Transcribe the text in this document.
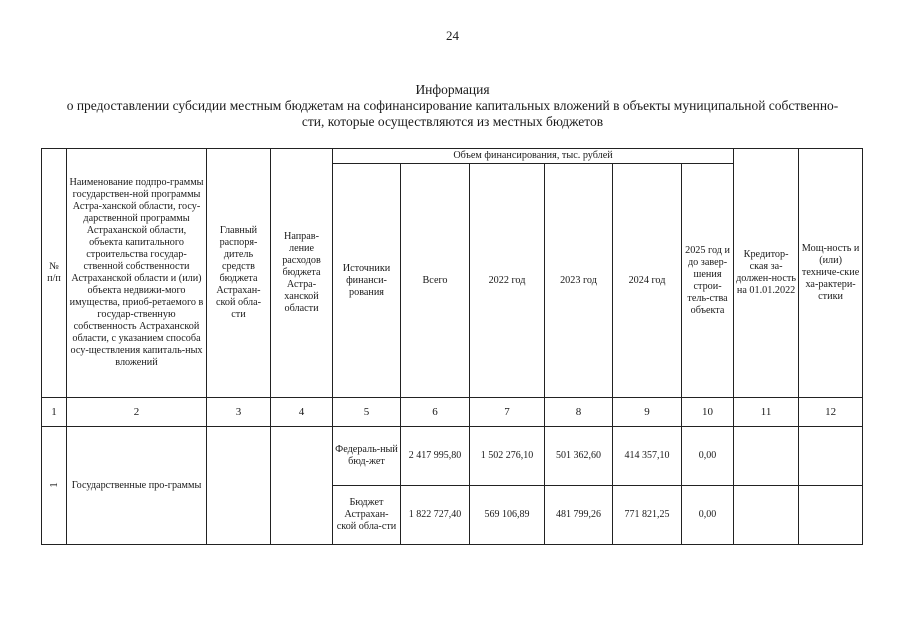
24
Информация
о предоставлении субсидии местным бюджетам на софинансирование капитальных вложений в объекты муниципальной собственно-
сти, которые осуществляются из местных бюджетов
№ п/п	Наименование подпро-граммы государствен-ной программы Астра-ханской области, госу-дарственной программы Астраханской области, объекта капитального строительства государ-ственной собственности Астраханской области и (или) объекта недвижи-мого имущества, приоб-ретаемого в государ-ственную собственность Астраханской области, с указанием способа осу-ществления капиталь-ных вложений	Главный распоря-дитель средств бюджета Астрахан-ской обла-сти	Направ-ление расходов бюджета Астра-ханской области	Объем финансирования, тыс. рублей						Кредитор-ская за-должен-ность на 01.01.2022	Мощ-ность и (или) техниче-ские ха-рактери-стики
				Источники финанси-рования	Всего	2022 год	2023 год	2024 год	2025 год и до завер-шения строи-тель-ства объекта		
1	2	3	4	5	6	7	8	9	10	11	12
1	Государственные про-граммы			Федераль-ный бюд-жет	2 417 995,80	1 502 276,10	501 362,60	414 357,10	0,00		
				Бюджет Астрахан-ской обла-сти	1 822 727,40	569 106,89	481 799,26	771 821,25	0,00		
